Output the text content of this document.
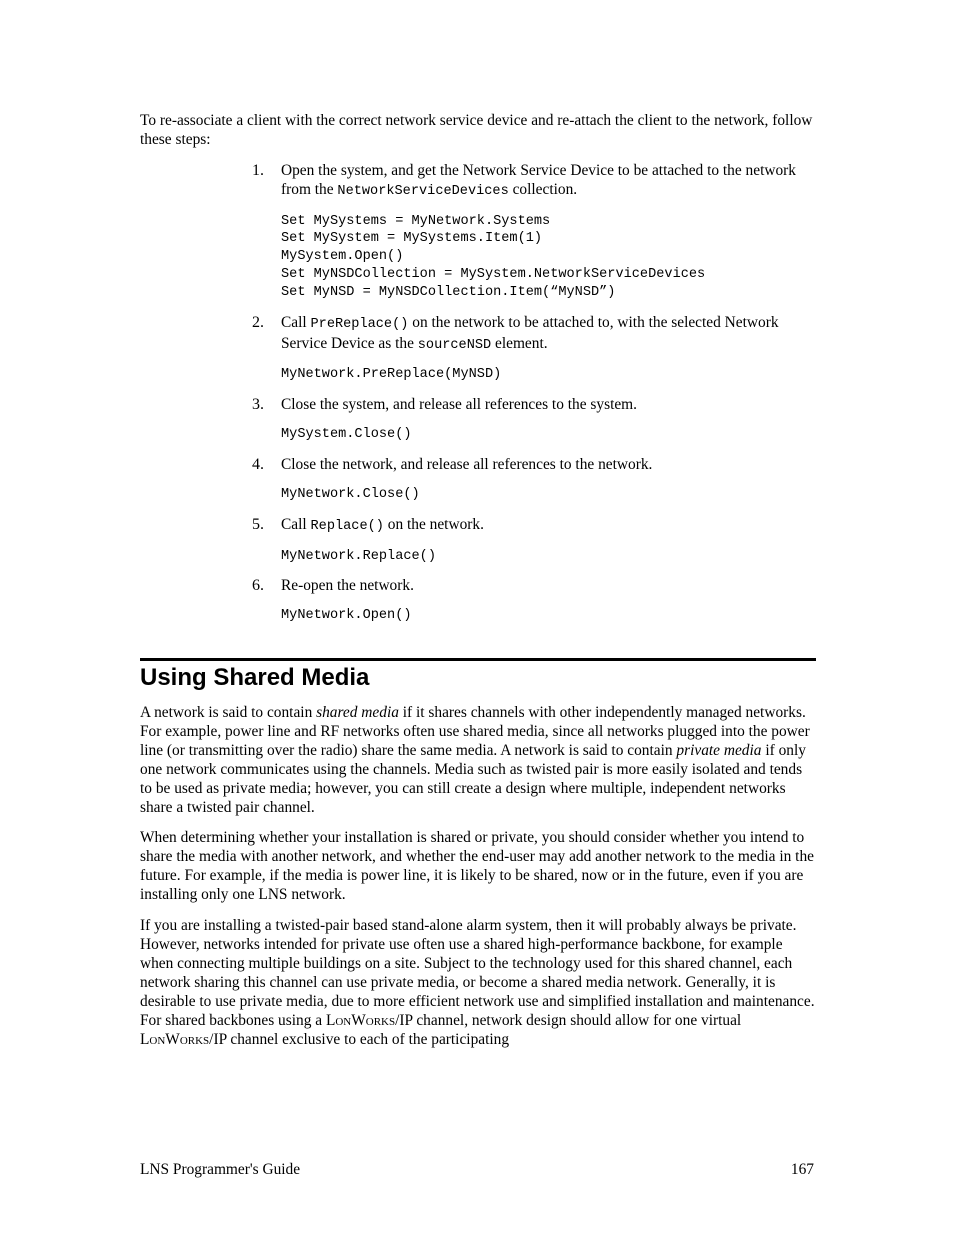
To re-associate a client with the correct network service device and re-attach the client to the network, follow these steps:

1. Open the system, and get the Network Service Device to be attached to the network from the NetworkServiceDevices collection.

Set MySystems = MyNetwork.Systems
Set MySystem = MySystems.Item(1)
MySystem.Open()
Set MyNSDCollection = MySystem.NetworkServiceDevices
Set MyNSD = MyNSDCollection.Item(“MyNSD”)
2. Call PreReplace() on the network to be attached to, with the selected Network Service Device as the sourceNSD element.

MyNetwork.PreReplace(MyNSD)
3. Close the system, and release all references to the system.

MySystem.Close()
4. Close the network, and release all references to the network.

MyNetwork.Close()
5. Call Replace() on the network.

MyNetwork.Replace()
6. Re-open the network.

MyNetwork.Open()
Using Shared Media

A network is said to contain shared media if it shares channels with other independently managed networks. For example, power line and RF networks often use shared media, since all networks plugged into the power line (or transmitting over the radio) share the same media. A network is said to contain private media if only one network communicates using the channels. Media such as twisted pair is more easily isolated and tends to be used as private media; however, you can still create a design where multiple, independent networks share a twisted pair channel.

When determining whether your installation is shared or private, you should consider whether you intend to share the media with another network, and whether the end-user may add another network to the media in the future. For example, if the media is power line, it is likely to be shared, now or in the future, even if you are installing only one LNS network.

If you are installing a twisted-pair based stand-alone alarm system, then it will probably always be private. However, networks intended for private use often use a shared high-performance backbone, for example when connecting multiple buildings on a site. Subject to the technology used for this shared channel, each network sharing this channel can use private media, or become a shared media network. Generally, it is desirable to use private media, due to more efficient network use and simplified installation and maintenance. For shared backbones using a LonWorks/IP channel, network design should allow for one virtual LonWorks/IP channel exclusive to each of the participating

LNS Programmer's Guide	167
